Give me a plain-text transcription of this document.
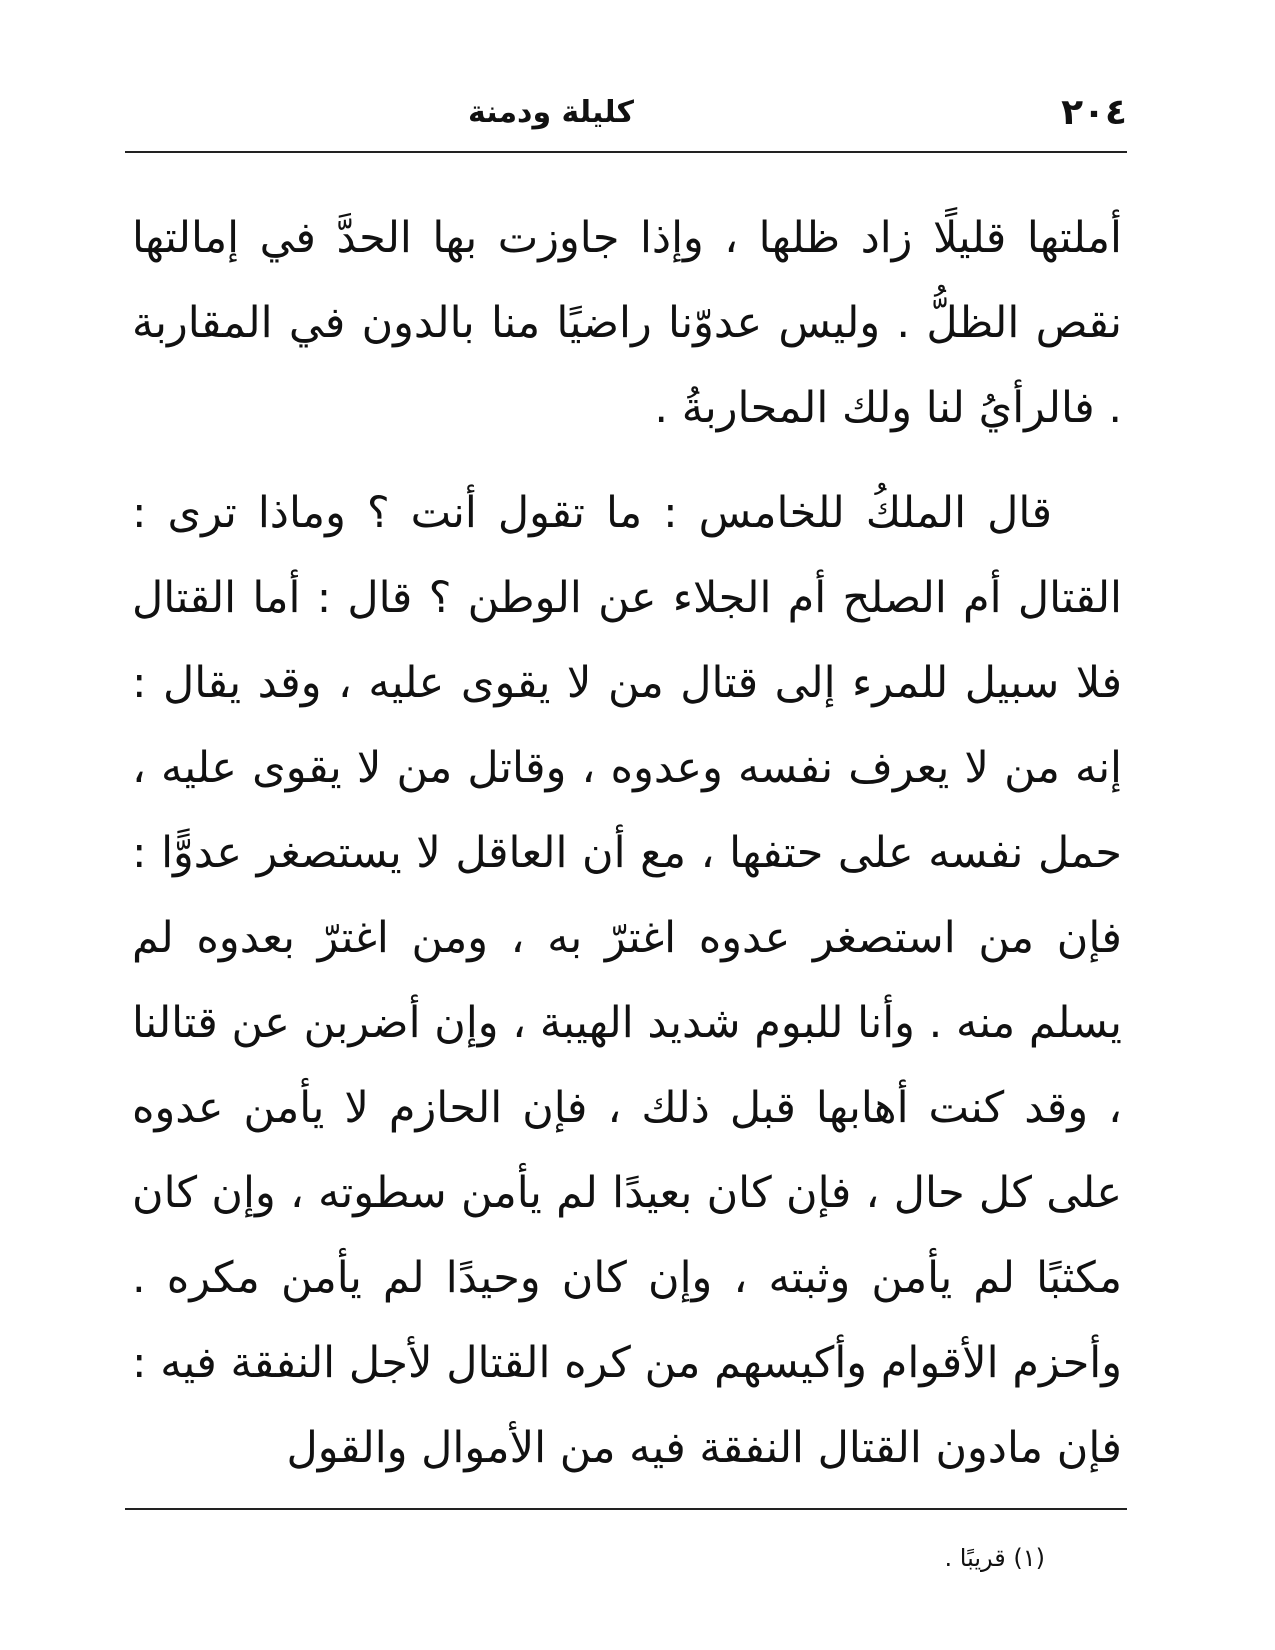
٢٠٤
كليلة ودمنة

أملتها قليلًا زاد ظلها ، وإذا جاوزت بها الحدَّ في إمالتها نقص الظلُّ . وليس عدوّنا راضيًا منا بالدون في المقاربة . فالرأيُ لنا ولك المحاربةُ .

قال الملكُ للخامس : ما تقول أنت ؟ وماذا ترى : القتال أم الصلح أم الجلاء عن الوطن ؟ قال : أما القتال فلا سبيل للمرء إلى قتال من لا يقوى عليه ، وقد يقال : إنه من لا يعرف نفسه وعدوه ، وقاتل من لا يقوى عليه ، حمل نفسه على حتفها ، مع أن العاقل لا يستصغر عدوًّا : فإن من استصغر عدوه اغترّ به ، ومن اغترّ بعدوه لم يسلم منه . وأنا للبوم شديد الهيبة ، وإن أضربن عن قتالنا ، وقد كنت أهابها قبل ذلك ، فإن الحازم لا يأمن عدوه على كل حال ، فإن كان بعيدًا لم يأمن سطوته ، وإن كان مكثبًا لم يأمن وثبته ، وإن كان وحيدًا لم يأمن مكره . وأحزم الأقوام وأكيسهم من كره القتال لأجل النفقة فيه : فإن مادون القتال النفقة فيه من الأموال والقول

(١) قريبًا .
